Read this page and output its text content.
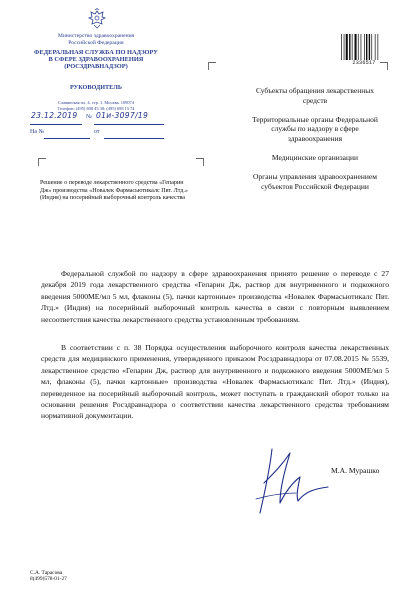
Министерство здравоохранения
Российской Федерации
ФЕДЕРАЛЬНАЯ СЛУЖБА ПО НАДЗОРУ
В СФЕРЕ ЗДРАВООХРАНЕНИЯ
(РОСЗДРАВНАДЗОР)
РУКОВОДИТЕЛЬ
Славянская пл. 4, стр. 1, Москва, 109074
Телефон: (495) 698 45 38; (495) 698 15 74
23.12.2019 № 01и-3097/19
На №	от
Решение о переводе лекарственного средства «Гепарин Дж» производства «Новалек Фармасьютикалс Пвт. Лтд.» (Индия) на посерийный выборочный контроль качества
2336517
Субъекты обращения лекарственных средств
Территориальные органы Федеральной службы по надзору в сфере здравоохранения
Медицинские организации
Органы управления здравоохранением субъектов Российской Федерации
Федеральной службой по надзору в сфере здравоохранения принято решение о переводе с 27 декабря 2019 года лекарственного средства «Гепарин Дж, раствор для внутривенного и подкожного введения 5000МЕ/мл 5 мл, флаконы (5), пачки картонные» производства «Новалек Фармасьютикалс Пвт. Лтд.» (Индия) на посерийный выборочный контроль качества в связи с повторным выявлением несоответствия качества лекарственного средства установленным требованиям.
В соответствии с п. 38 Порядка осуществления выборочного контроля качества лекарственных средств для медицинского применения, утвержденного приказом Росздравнадзора от 07.08.2015 № 5539, лекарственное средство «Гепарин Дж, раствор для внутривенного и подкожного введения 5000МЕ/мл 5 мл, флаконы (5), пачки картонные» производства «Новалек Фармасьютикалс Пвт. Лтд.» (Индия), переведенное на посерийный выборочный контроль, может поступать в гражданский оборот только на основании решения Росздравнадзора о соответствии качества лекарственного средства требованиям нормативной документации.
М.А. Мурашко
С.А. Тарасова
8(499)578-01-27
